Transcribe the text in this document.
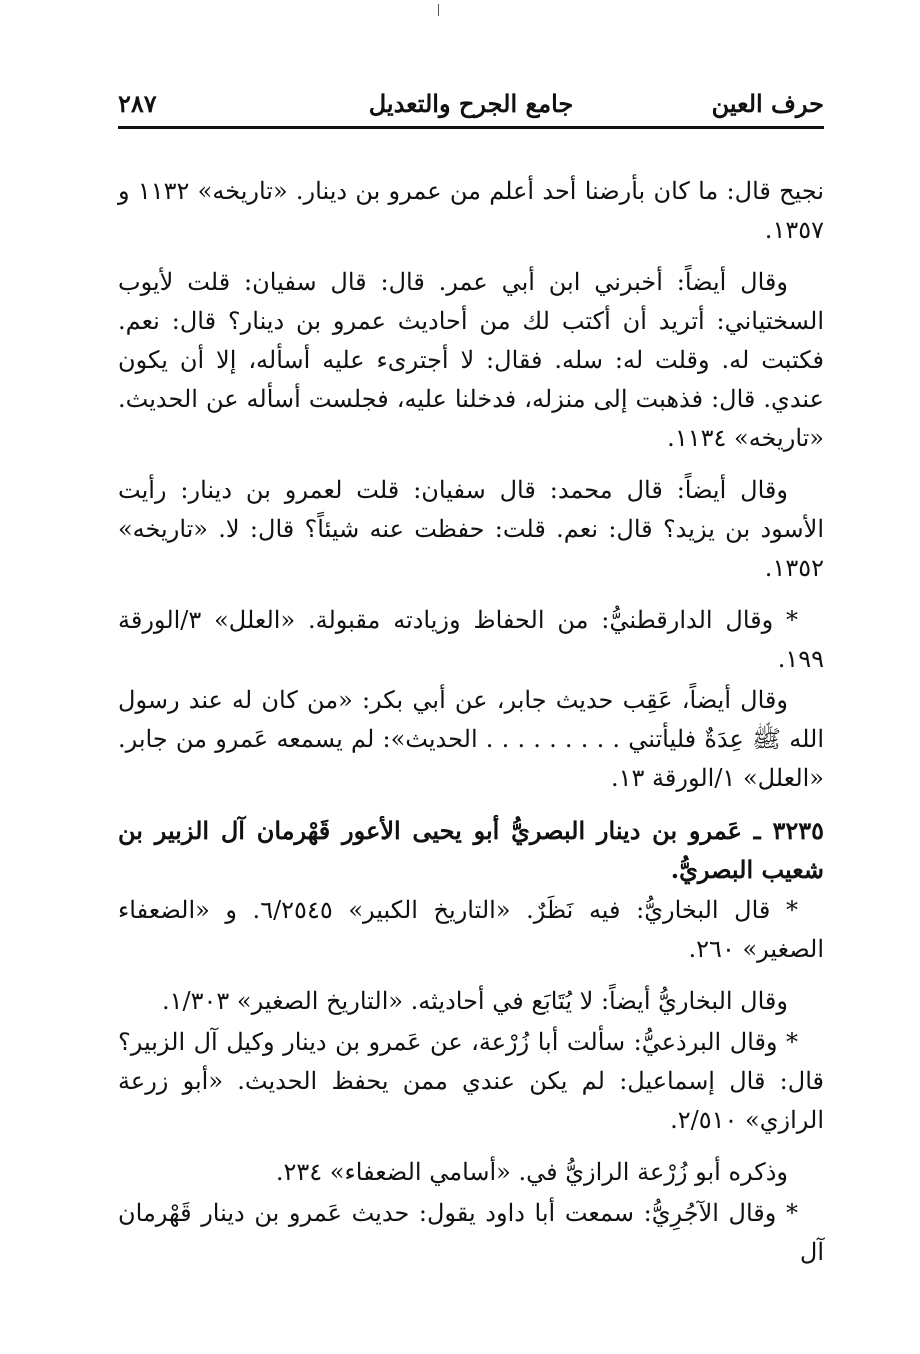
حرف العين
جامع الجرح والتعديل
٢٨٧

نجيح قال: ما كان بأرضنا أحد أعلم من عمرو بن دينار. «تاريخه» ١١٣٢ و ١٣٥٧.

وقال أيضاً: أخبرني ابن أبي عمر. قال: قال سفيان: قلت لأيوب السختياني: أتريد أن أكتب لك من أحاديث عمرو بن دينار؟ قال: نعم. فكتبت له. وقلت له: سله. فقال: لا أجترىء عليه أسأله، إلا أن يكون عندي. قال: فذهبت إلى منزله، فدخلنا عليه، فجلست أسأله عن الحديث. «تاريخه» ١١٣٤.

وقال أيضاً: قال محمد: قال سفيان: قلت لعمرو بن دينار: رأيت الأسود بن يزيد؟ قال: نعم. قلت: حفظت عنه شيئاً؟ قال: لا. «تاريخه» ١٣٥٢.

* وقال الدارقطنيُّ: من الحفاظ وزيادته مقبولة. «العلل» ٣/الورقة ١٩٩.

وقال أيضاً، عَقِب حديث جابر، عن أبي بكر: «من كان له عند رسول الله ﷺ عِدَةٌ فليأتني . . . . . . . . . الحديث»: لم يسمعه عَمرو من جابر. «العلل» ١/الورقة ١٣.

٣٢٣٥ ـ عَمرو بن دينار البصريُّ أبو يحيى الأعور قَهْرمان آل الزبير بن شعيب البصريُّ.

* قال البخاريُّ: فيه نَظَرٌ. «التاريخ الكبير» ٦/٢٥٤٥. و «الضعفاء الصغير» ٢٦٠.

وقال البخاريُّ أيضاً: لا يُتَابَع في أحاديثه. «التاريخ الصغير» ١/٣٠٣.

* وقال البرذعيُّ: سألت أبا زُرْعة، عن عَمرو بن دينار وكيل آل الزبير؟ قال: قال إسماعيل: لم يكن عندي ممن يحفظ الحديث. «أبو زرعة الرازي» ٢/٥١٠.

وذكره أبو زُرْعة الرازيُّ في. «أسامي الضعفاء» ٢٣٤.

* وقال الآجُرِيُّ: سمعت أبا داود يقول: حديث عَمرو بن دينار قَهْرمان آل
